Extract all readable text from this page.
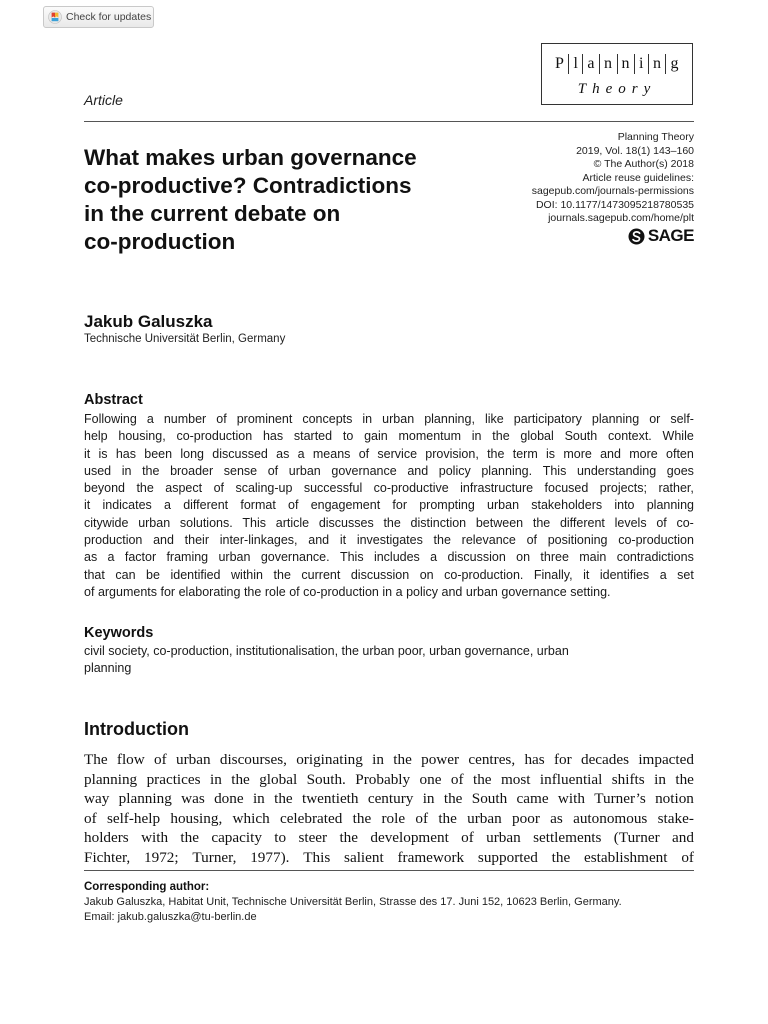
Check for updates
P l a n n i n g
Theory
Article
What makes urban governance
co-productive? Contradictions
in the current debate on
co-production
Planning Theory
2019, Vol. 18(1) 143–160
© The Author(s) 2018
Article reuse guidelines:
sagepub.com/journals-permissions
DOI: 10.1177/1473095218780535
journals.sagepub.com/home/plt
SAGE
Jakub Galuszka
Technische Universität Berlin, Germany
Abstract
Following a number of prominent concepts in urban planning, like participatory planning or self-
help housing, co-production has started to gain momentum in the global South context. While
it is has been long discussed as a means of service provision, the term is more and more often
used in the broader sense of urban governance and policy planning. This understanding goes
beyond the aspect of scaling-up successful co-productive infrastructure focused projects; rather,
it indicates a different format of engagement for prompting urban stakeholders into planning
citywide urban solutions. This article discusses the distinction between the different levels of co-
production and their inter-linkages, and it investigates the relevance of positioning co-production
as a factor framing urban governance. This includes a discussion on three main contradictions
that can be identified within the current discussion on co-production. Finally, it identifies a set
of arguments for elaborating the role of co-production in a policy and urban governance setting.
Keywords
civil society, co-production, institutionalisation, the urban poor, urban governance, urban
planning
Introduction
The flow of urban discourses, originating in the power centres, has for decades impacted
planning practices in the global South. Probably one of the most influential shifts in the
way planning was done in the twentieth century in the South came with Turner’s notion
of self-help housing, which celebrated the role of the urban poor as autonomous stake-
holders with the capacity to steer the development of urban settlements (Turner and
Fichter, 1972; Turner, 1977). This salient framework supported the establishment of
Corresponding author:
Jakub Galuszka, Habitat Unit, Technische Universität Berlin, Strasse des 17. Juni 152, 10623 Berlin, Germany.
Email: jakub.galuszka@tu-berlin.de
